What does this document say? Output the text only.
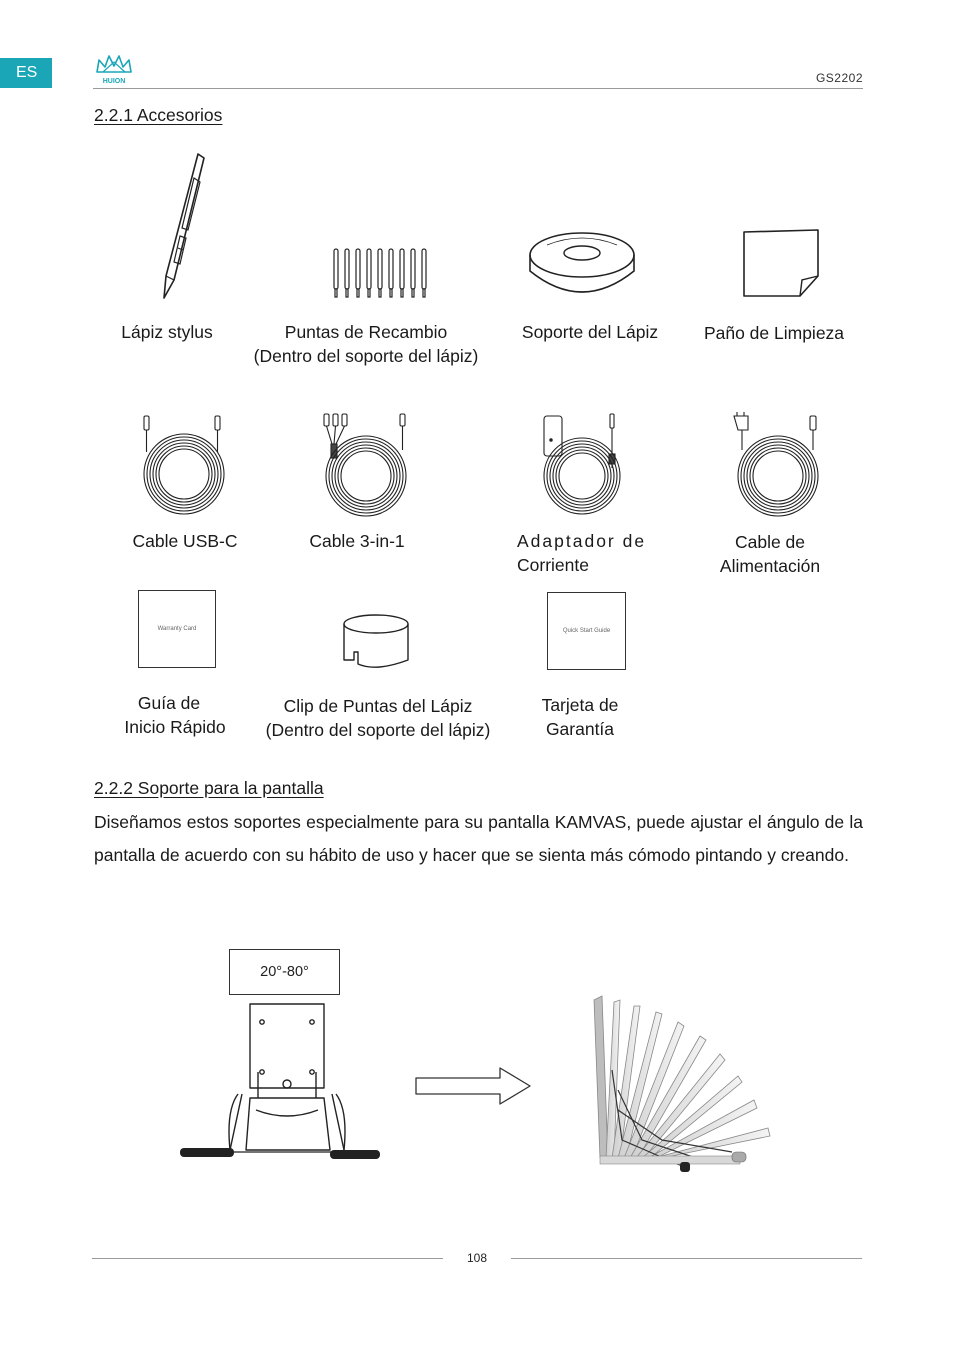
ES
HUION	GS2202
2.2.1 Accesorios
Lápiz stylus	Puntas de Recambio
(Dentro del soporte del lápiz)
Soporte del Lápiz	Paño de Limpieza
Cable USB-C	Cable 3-in-1	Adaptador de
Corriente
Cable de
Alimentación
Warranty Card	Quick Start Guide
Guía de
Inicio Rápido
Clip de Puntas del Lápiz
(Dentro del soporte del lápiz)
Tarjeta de
Garantía
2.2.2 Soporte para la pantalla
Diseñamos estos soportes especialmente para su pantalla KAMVAS, puede ajustar el ángulo de la pantalla de acuerdo con su hábito de uso y hacer que se sienta más cómodo pintando y creando.
20°-80°
108
